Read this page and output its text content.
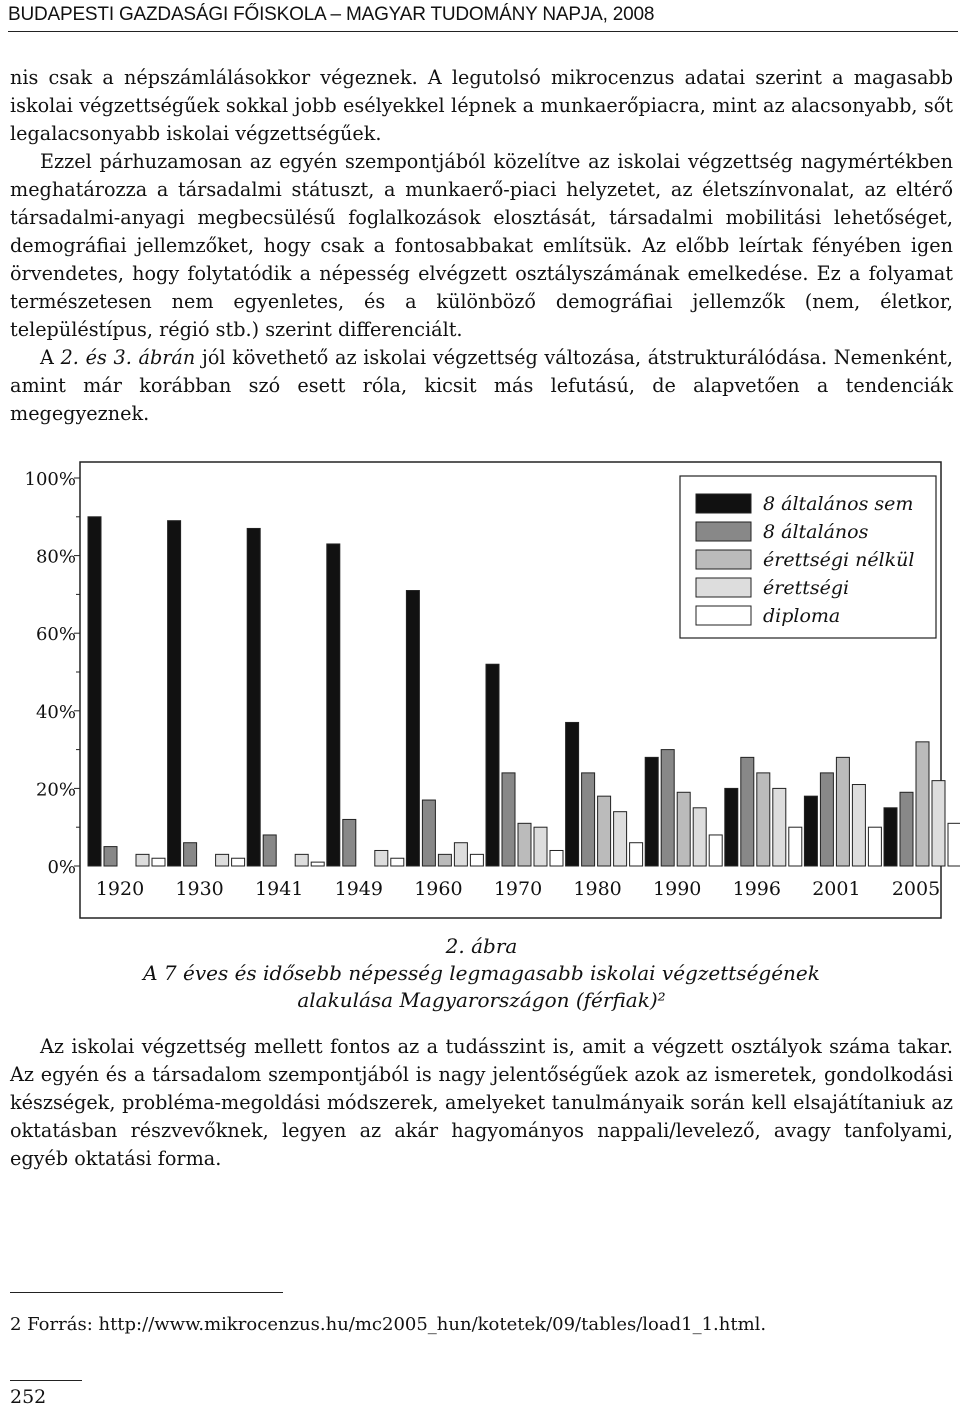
BUDAPESTI GAZDASÁGI FŐISKOLA – MAGYAR TUDOMÁNY NAPJA, 2008

nis csak a népszámlálásokkor végeznek. A legutolsó mikrocenzus adatai szerint a magasabb iskolai végzettségűek sokkal jobb esélyekkel lépnek a munkaerőpiacra, mint az alacsonyabb, sőt legalacsonyabb iskolai végzettségűek.

Ezzel párhuzamosan az egyén szempontjából közelítve az iskolai végzettség nagymértékben meghatározza a társadalmi státuszt, a munkaerő-piaci helyzetet, az életszínvonalat, az eltérő társadalmi-anyagi megbecsülésű foglalkozások elosztását, társadalmi mobilitási lehetőséget, demográfiai jellemzőket, hogy csak a fontosabbakat említsük. Az előbb leírtak fényében igen örvendetes, hogy folytatódik a népesség elvégzett osztályszámának emelkedése. Ez a folyamat természetesen nem egyenletes, és a különböző demográfiai jellemzők (nem, életkor, településtípus, régió stb.) szerint differenciált.

A 2. és 3. ábrán jól követhető az iskolai végzettség változása, átstrukturálódása. Nemenként, amint már korábban szó esett róla, kicsit más lefutású, de alapvetően a tendenciák megegyeznek.

0%
20%
40%
60%
80%
100%
1920 1930 1941 1949 1960 1970 1980 1990 1996 2001 2005
8 általános sem
8 általános
érettségi nélkül
érettségi
diploma
2. ábra
A 7 éves és idősebb népesség legmagasabb iskolai végzettségének
alakulása Magyarországon (férfiak)²

Az iskolai végzettség mellett fontos az a tudásszint is, amit a végzett osztályok száma takar. Az egyén és a társadalom szempontjából is nagy jelentőségűek azok az ismeretek, gondolkodási készségek, probléma-megoldási módszerek, amelyeket tanulmányaik során kell elsajátítaniuk az oktatásban részvevőknek, legyen az akár hagyományos nappali/levelező, avagy tanfolyami, egyéb oktatási forma.

2 Forrás: http://www.mikrocenzus.hu/mc2005_hun/kotetek/09/tables/load1_1.html.
252
